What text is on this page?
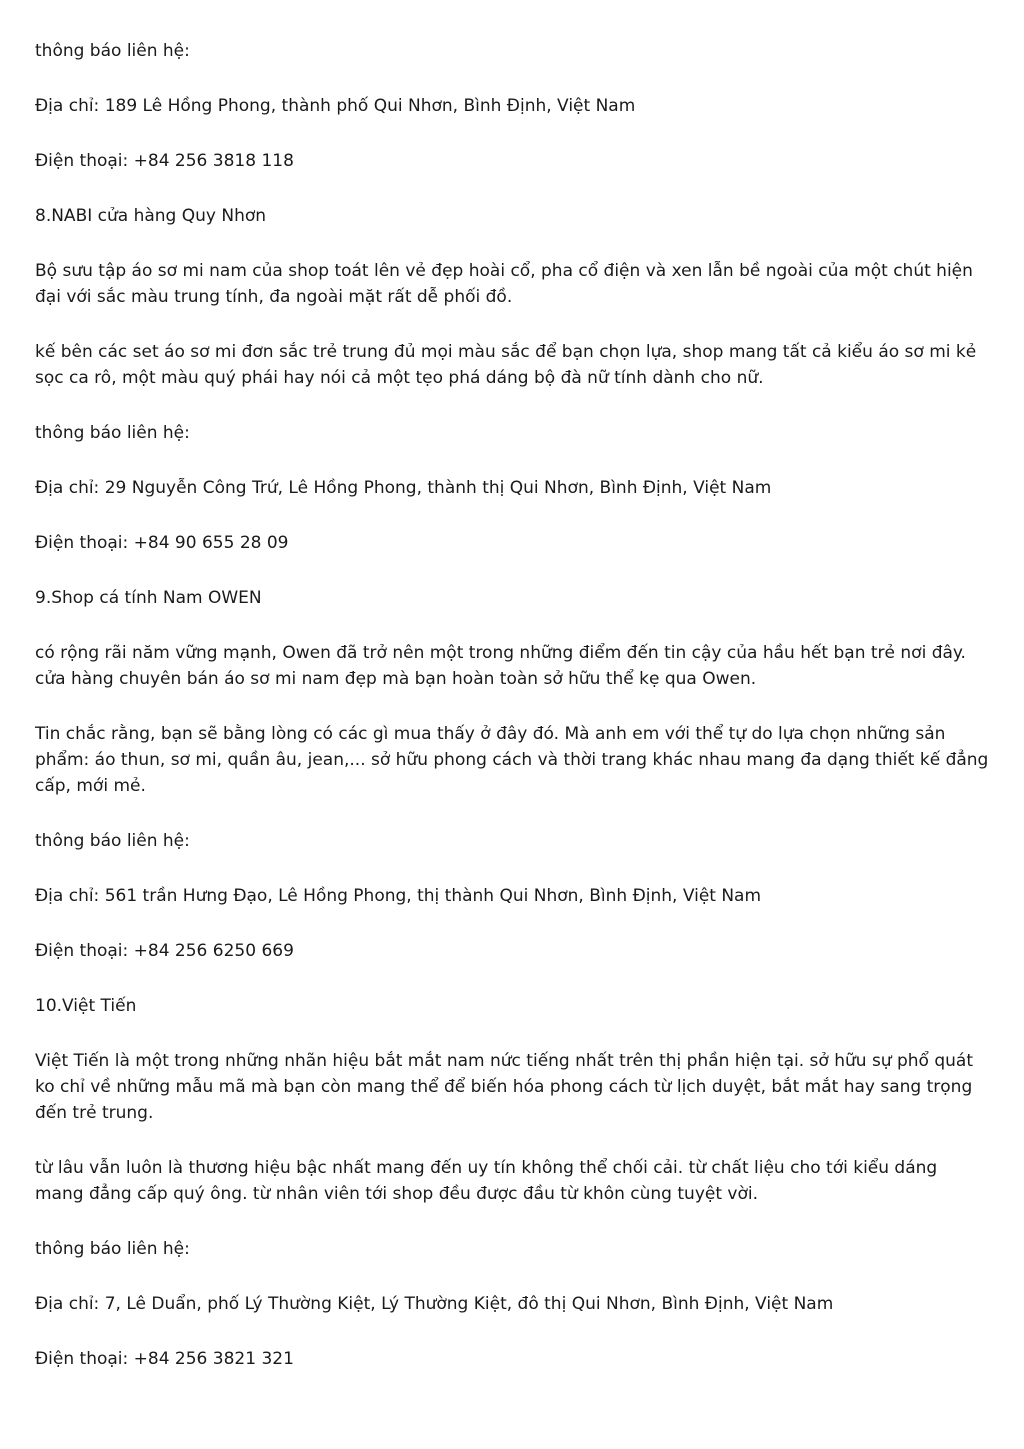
thông báo liên hệ:

Địa chỉ: 189 Lê Hồng Phong, thành phố Qui Nhơn, Bình Định, Việt Nam

Điện thoại: +84 256 3818 118

8.NABI cửa hàng Quy Nhơn

Bộ sưu tập áo sơ mi nam của shop toát lên vẻ đẹp hoài cổ, pha cổ điện và xen lẫn bề ngoài của một chút hiện đại với sắc màu trung tính, đa ngoài mặt rất dễ phối đồ.

kế bên các set áo sơ mi đơn sắc trẻ trung đủ mọi màu sắc để bạn chọn lựa, shop mang tất cả kiểu áo sơ mi kẻ sọc ca rô, một màu quý phái hay nói cả một tẹo phá dáng bộ đà nữ tính dành cho nữ.

thông báo liên hệ:

Địa chỉ: 29 Nguyễn Công Trứ, Lê Hồng Phong, thành thị Qui Nhơn, Bình Định, Việt Nam

Điện thoại: +84 90 655 28 09

9.Shop cá tính Nam OWEN

có rộng rãi năm vững mạnh, Owen đã trở nên một trong những điểm đến tin cậy của hầu hết bạn trẻ nơi đây. cửa hàng chuyên bán áo sơ mi nam đẹp mà bạn hoàn toàn sở hữu thể kẹ qua Owen.

Tin chắc rằng, bạn sẽ bằng lòng có các gì mua thấy ở đây đó. Mà anh em với thể tự do lựa chọn những sản phẩm: áo thun, sơ mi, quần âu, jean,... sở hữu phong cách và thời trang khác nhau mang đa dạng thiết kế đẳng cấp, mới mẻ.

thông báo liên hệ:

Địa chỉ: 561 trần Hưng Đạo, Lê Hồng Phong, thị thành Qui Nhơn, Bình Định, Việt Nam

Điện thoại: +84 256 6250 669

10.Việt Tiến

Việt Tiến là một trong những nhãn hiệu bắt mắt nam nức tiếng nhất trên thị phần hiện tại. sở hữu sự phổ quát ko chỉ về những mẫu mã mà bạn còn mang thể để biến hóa phong cách từ lịch duyệt, bắt mắt hay sang trọng đến trẻ trung.

từ lâu vẫn luôn là thương hiệu bậc nhất mang đến uy tín không thể chối cải. từ chất liệu cho tới kiểu dáng mang đẳng cấp quý ông. từ nhân viên tới shop đều được đầu từ khôn cùng tuyệt vời.

thông báo liên hệ:

Địa chỉ: 7, Lê Duẩn, phố Lý Thường Kiệt, Lý Thường Kiệt, đô thị Qui Nhơn, Bình Định, Việt Nam

Điện thoại: +84 256 3821 321
